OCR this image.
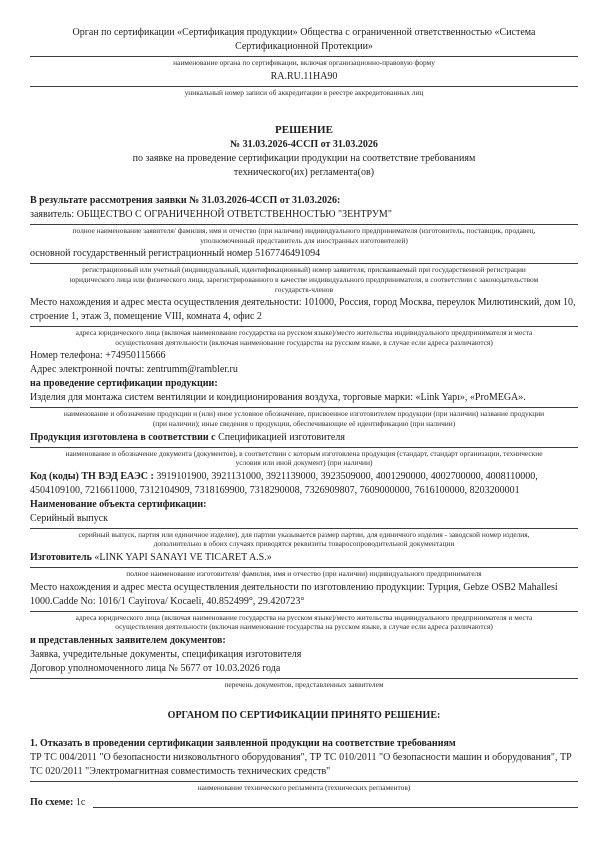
Орган по сертификации «Сертификация продукции» Общества с ограниченной ответственностью «Система Сертификационной Протекции»

наименование органа по сертификации, включая организационно-правовую форму

RA.RU.11НА90

уникальный номер записи об аккредитации в реестре аккредитованных лиц

РЕШЕНИЕ

№ 31.03.2026-4ССП от 31.03.2026

по заявке на проведение сертификации продукции на соответствие требованиям

технического(их) регламента(ов)

В результате рассмотрения заявки № 31.03.2026-4ССП от 31.03.2026:

заявитель: ОБЩЕСТВО С ОГРАНИЧЕННОЙ ОТВЕТСТВЕННОСТЬЮ "ЗЕНТРУМ"

полное наименование заявителя/ фамилия, имя и отчество (при наличии) индивидуального предпринимателя (изготовитель, поставщик, продавец, уполномоченный представитель для иностранных изготовителей)

основной государственный регистрационный номер 5167746491094

регистрационный или учетный (индивидуальный, идентификационный) номер заявителя, присваиваемый при государственной регистрации юридического лица или физического лица, зарегистрированного в качестве индивидуального предпринимателя, в соответствии с законодательством государств-членов

Место нахождения и адрес места осуществления деятельности: 101000, Россия, город Москва, переулок Милютинский, дом 10, строение 1, этаж 3, помещение VIII, комната 4, офис 2

адреса юридического лица (включая наименование государства на русском языке)/место жительства индивидуального предпринимателя и места осуществления деятельности (включая наименование государства на русском языке, в случае если адреса различаются)

Номер телефона: +74950115666

Адрес электронной почты: zentrumm@rambler.ru

на проведение сертификации продукции:

Изделия для монтажа систем вентиляции и кондиционирования воздуха, торговые марки: «Link Yapı», «ProMEGA».

наименование и обозначение продукции и (или) иное условное обозначение, присвоенное изготовителем продукции (при наличии) название продукции (при наличии); иные сведения о продукции, обеспечивающие её идентификацию (при наличии)

Продукция изготовлена в соответствии с Спецификацией изготовителя

наименование и обозначение документа (документов), в соответствии с которым изготовлена продукция (стандарт, стандарт организации, технические условия или иной документ) (при наличии)

Код (коды) ТН ВЭД ЕАЭС : 3919101900, 3921131000, 3921139000, 3923509000, 4001290000, 4002700000, 4008110000, 4504109100, 7216611000, 7312104909, 7318169900, 7318290008, 7326909807, 7609000000, 7616100000, 8203200001

Наименование объекта сертификации:

Серийный выпуск

серийный выпуск, партия или единичное изделие), для партии указывается размер партии, для единичного изделия - заводской номер изделия, дополнительно в обоих случаях приводятся реквизиты товаросопроводительной документации

Изготовитель «LINK YAPI SANAYI VE TICARET A.S.»

полное наименование изготовителя/ фамилия, имя и отчество (при наличии) индивидуального предпринимателя

Место нахождения и адрес места осуществления деятельности по изготовлению продукции: Турция, Gebze OSB2 Mahallesi 1000.Cadde No: 1016/1 Cayirova/ Kocaeli, 40.852499°, 29.420723°

адреса юридического лица (включая наименование государства на русском языке)/место жительства индивидуального предпринимателя и места осуществления деятельности (включая наименование государства на русском языке, в случае если адреса различаются)

и представленных заявителем документов:

Заявка, учредительные документы, спецификация изготовителя

Договор уполномоченного лица № 5677 от 10.03.2026 года

перечень документов, представленных заявителем

ОРГАНОМ ПО СЕРТИФИКАЦИИ ПРИНЯТО РЕШЕНИЕ:

1. Отказать в проведении сертификации заявленной продукции на соответствие требованиям

ТР ТС 004/2011 "О безопасности низковольтного оборудования", ТР ТС 010/2011 "О безопасности машин и оборудования", ТР ТС 020/2011 "Электромагнитная совместимость технических средств"

наименование технического регламента (технических регламентов)

По схеме: 1с
